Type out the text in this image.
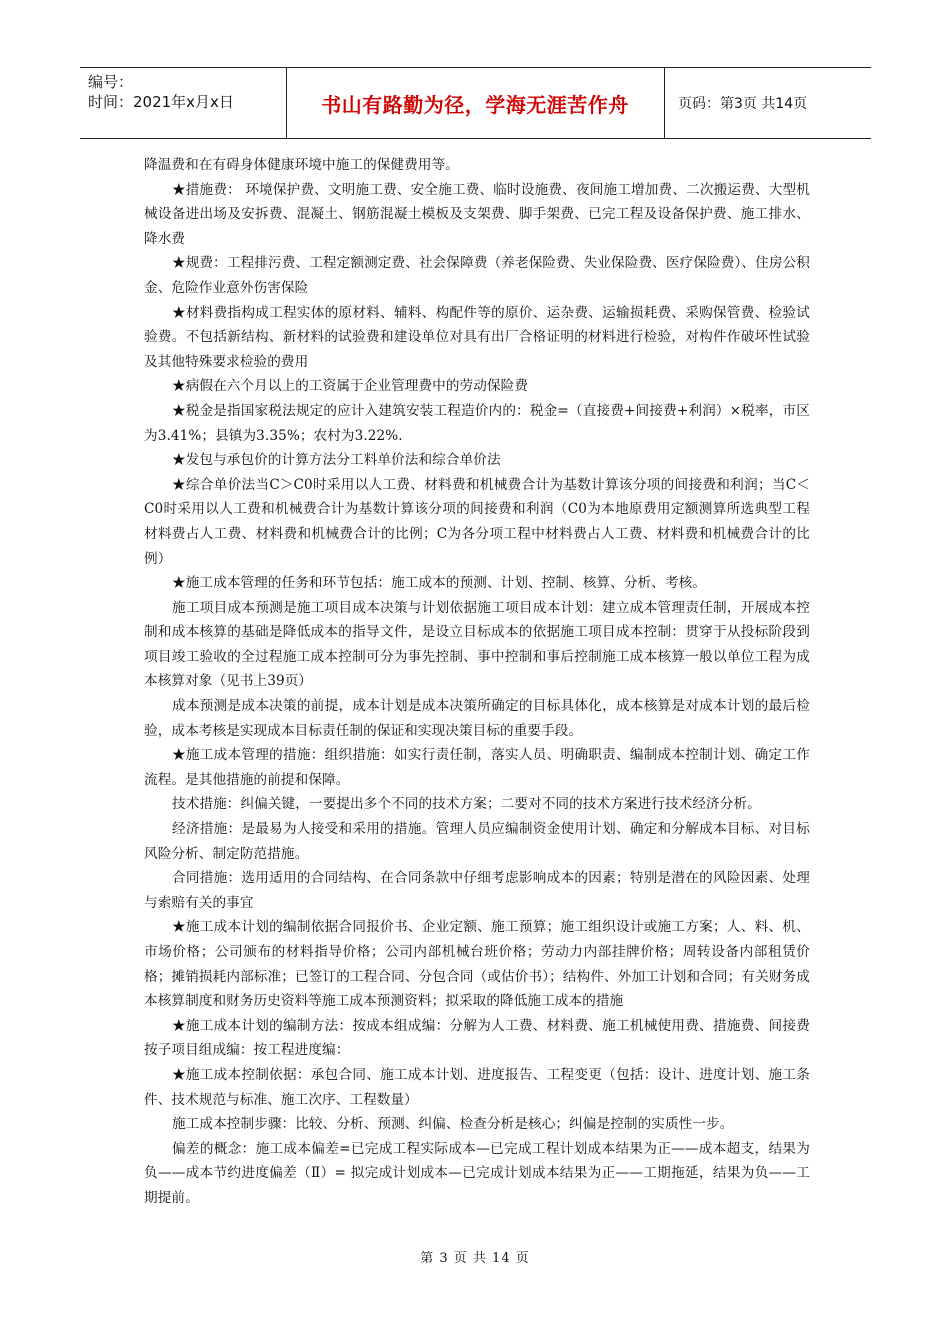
编号：
时间：2021年x月x日	书山有路勤为径，学海无涯苦作舟	页码：第3页 共14页

降温费和在有碍身体健康环境中施工的保健费用等。

★措施费： 环境保护费、文明施工费、安全施工费、临时设施费、夜间施工增加费、二次搬运费、大型机械设备进出场及安拆费、混凝土、钢筋混凝土模板及支架费、脚手架费、已完工程及设备保护费、施工排水、降水费

★规费：工程排污费、工程定额测定费、社会保障费（养老保险费、失业保险费、医疗保险费）、住房公积金、危险作业意外伤害保险

★材料费指构成工程实体的原材料、辅料、构配件等的原价、运杂费、运输损耗费、采购保管费、检验试验费。不包括新结构、新材料的试验费和建设单位对具有出厂合格证明的材料进行检验，对构件作破坏性试验及其他特殊要求检验的费用

★病假在六个月以上的工资属于企业管理费中的劳动保险费

★税金是指国家税法规定的应计入建筑安装工程造价内的：税金=（直接费+间接费+利润）×税率，市区为3.41%；县镇为3.35%；农村为3.22%.

★发包与承包价的计算方法分工料单价法和综合单价法

★综合单价法当C＞C0时采用以人工费、材料费和机械费合计为基数计算该分项的间接费和利润；当C＜C0时采用以人工费和机械费合计为基数计算该分项的间接费和利润（C0为本地原费用定额测算所选典型工程材料费占人工费、材料费和机械费合计的比例；C为各分项工程中材料费占人工费、材料费和机械费合计的比例）

★施工成本管理的任务和环节包括：施工成本的预测、计划、控制、核算、分析、考核。

施工项目成本预测是施工项目成本决策与计划依据施工项目成本计划：建立成本管理责任制，开展成本控制和成本核算的基础是降低成本的指导文件，是设立目标成本的依据施工项目成本控制：贯穿于从投标阶段到项目竣工验收的全过程施工成本控制可分为事先控制、事中控制和事后控制施工成本核算一般以单位工程为成本核算对象（见书上39页）

成本预测是成本决策的前提，成本计划是成本决策所确定的目标具体化，成本核算是对成本计划的最后检验，成本考核是实现成本目标责任制的保证和实现决策目标的重要手段。

★施工成本管理的措施：组织措施：如实行责任制，落实人员、明确职责、编制成本控制计划、确定工作流程。是其他措施的前提和保障。

技术措施：纠偏关键，一要提出多个不同的技术方案；二要对不同的技术方案进行技术经济分析。

经济措施：是最易为人接受和采用的措施。管理人员应编制资金使用计划、确定和分解成本目标、对目标风险分析、制定防范措施。

合同措施：选用适用的合同结构、在合同条款中仔细考虑影响成本的因素；特别是潜在的风险因素、处理与索赔有关的事宜

★施工成本计划的编制依据合同报价书、企业定额、施工预算；施工组织设计或施工方案；人、料、机、市场价格；公司颁布的材料指导价格；公司内部机械台班价格；劳动力内部挂牌价格；周转设备内部租赁价格；摊销损耗内部标准；已签订的工程合同、分包合同（或估价书）；结构件、外加工计划和合同；有关财务成本核算制度和财务历史资料等施工成本预测资料；拟采取的降低施工成本的措施

★施工成本计划的编制方法：按成本组成编：分解为人工费、材料费、施工机械使用费、措施费、间接费按子项目组成编：按工程进度编：

★施工成本控制依据：承包合同、施工成本计划、进度报告、工程变更（包括：设计、进度计划、施工条件、技术规范与标准、施工次序、工程数量）

施工成本控制步骤：比较、分析、预测、纠偏、检查分析是核心；纠偏是控制的实质性一步。

偏差的概念：施工成本偏差=已完成工程实际成本—已完成工程计划成本结果为正——成本超支，结果为负——成本节约进度偏差（Ⅱ）= 拟完成计划成本—已完成计划成本结果为正——工期拖延，结果为负——工期提前。

第 3 页 共 14 页
